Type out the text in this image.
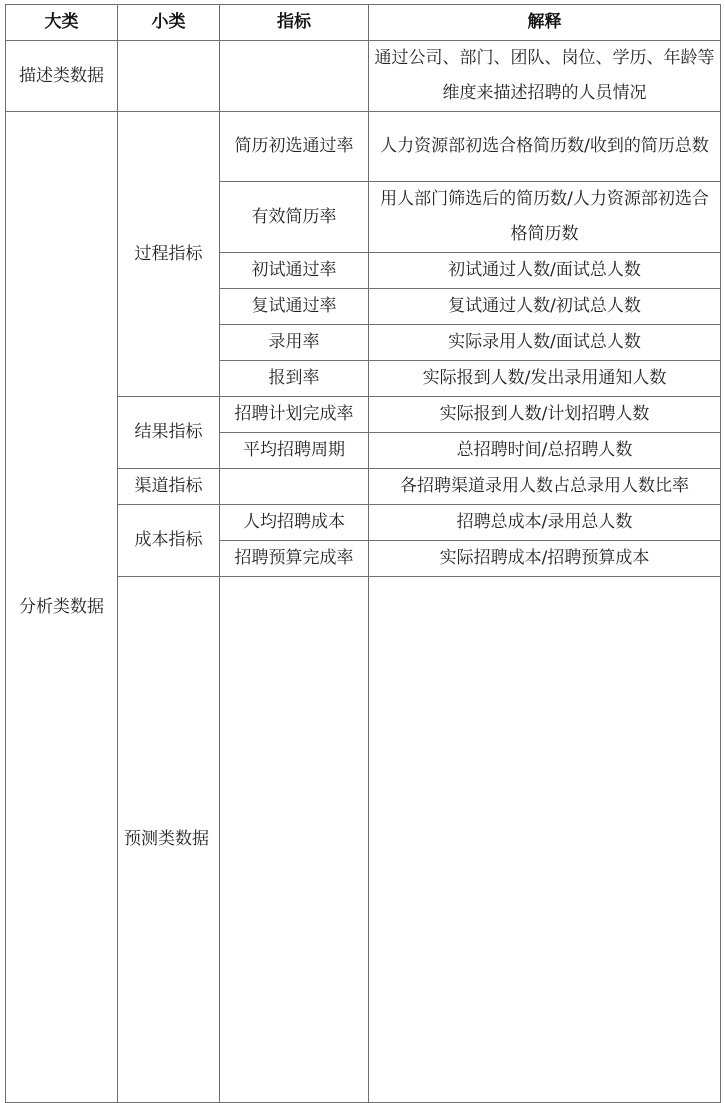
大类	小类	指标	解释	
描述类数据			通过公司、部门、团队、岗位、学历、年龄等维度来描述招聘的人员情况	
分析类数据	过程指标	简历初选通过率	人力资源部初选合格简历数/收到的简历总数	
		有效简历率	用人部门筛选后的简历数/人力资源部初选合格简历数	
		初试通过率	初试通过人数/面试总人数	
		复试通过率	复试通过人数/初试总人数	
		录用率	实际录用人数/面试总人数	
		报到率	实际报到人数/发出录用通知人数	
	结果指标	招聘计划完成率	实际报到人数/计划招聘人数	
		平均招聘周期	总招聘时间/总招聘人数	
	渠道指标		各招聘渠道录用人数占总录用人数比率	
	成本指标	人均招聘成本	招聘总成本/录用总人数	
		招聘预算完成率	实际招聘成本/招聘预算成本	
	预测类数据			
